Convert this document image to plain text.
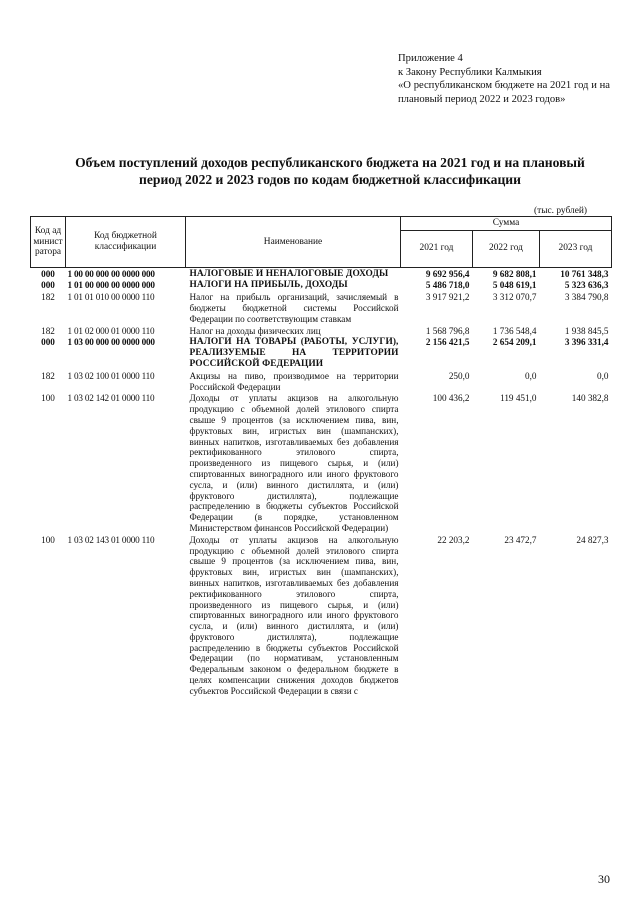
Приложение 4
к Закону Республики Калмыкия
«О республиканском бюджете на 2021 год и на плановый период 2022 и 2023 годов»
Объем поступлений доходов республиканского бюджета на 2021 год и на плановый период 2022 и 2023 годов по кодам бюджетной классификации
(тыс. рублей)
Код администратора	Код бюджетной классификации	Наименование	Сумма		
			2021 год	2022 год	2023 год
000	1 00 00 000 00 0000 000	НАЛОГОВЫЕ И НЕНАЛОГОВЫЕ ДОХОДЫ	9 692 956,4	9 682 808,1	10 761 348,3
000	1 01 00 000 00 0000 000	НАЛОГИ НА ПРИБЫЛЬ, ДОХОДЫ	5 486 718,0	5 048 619,1	5 323 636,3
182	1 01 01 010 00 0000 110	Налог на прибыль организаций, зачисляемый в бюджеты бюджетной системы Российской Федерации по соответствующим ставкам	3 917 921,2	3 312 070,7	3 384 790,8
182	1 01 02 000 01 0000 110	Налог на доходы физических лиц	1 568 796,8	1 736 548,4	1 938 845,5
000	1 03 00 000 00 0000 000	НАЛОГИ НА ТОВАРЫ (РАБОТЫ, УСЛУГИ), РЕАЛИЗУЕМЫЕ НА ТЕРРИТОРИИ РОССИЙСКОЙ ФЕДЕРАЦИИ	2 156 421,5	2 654 209,1	3 396 331,4
182	1 03 02 100 01 0000 110	Акцизы на пиво, производимое на территории Российской Федерации	250,0	0,0	0,0
100	1 03 02 142 01 0000 110	Доходы от уплаты акцизов на алкогольную продукцию с объемной долей этилового спирта свыше 9 процентов (за исключением пива, вин, фруктовых вин, игристых вин (шампанских), винных напитков, изготавливаемых без добавления ректификованного этилового спирта, произведенного из пищевого сырья, и (или) спиртованных виноградного или иного фруктового сусла, и (или) винного дистиллята, и (или) фруктового дистиллята), подлежащие распределению в бюджеты субъектов Российской Федерации (в порядке, установленном Министерством финансов Российской Федерации)	100 436,2	119 451,0	140 382,8
100	1 03 02 143 01 0000 110	Доходы от уплаты акцизов на алкогольную продукцию с объемной долей этилового спирта свыше 9 процентов (за исключением пива, вин, фруктовых вин, игристых вин (шампанских), винных напитков, изготавливаемых без добавления ректификованного этилового спирта, произведенного из пищевого сырья, и (или) спиртованных виноградного или иного фруктового сусла, и (или) винного дистиллята, и (или) фруктового дистиллята), подлежащие распределению в бюджеты субъектов Российской Федерации (по нормативам, установленным Федеральным законом о федеральном бюджете в целях компенсации снижения доходов бюджетов субъектов Российской Федерации в связи с	22 203,2	23 472,7	24 827,3
30
